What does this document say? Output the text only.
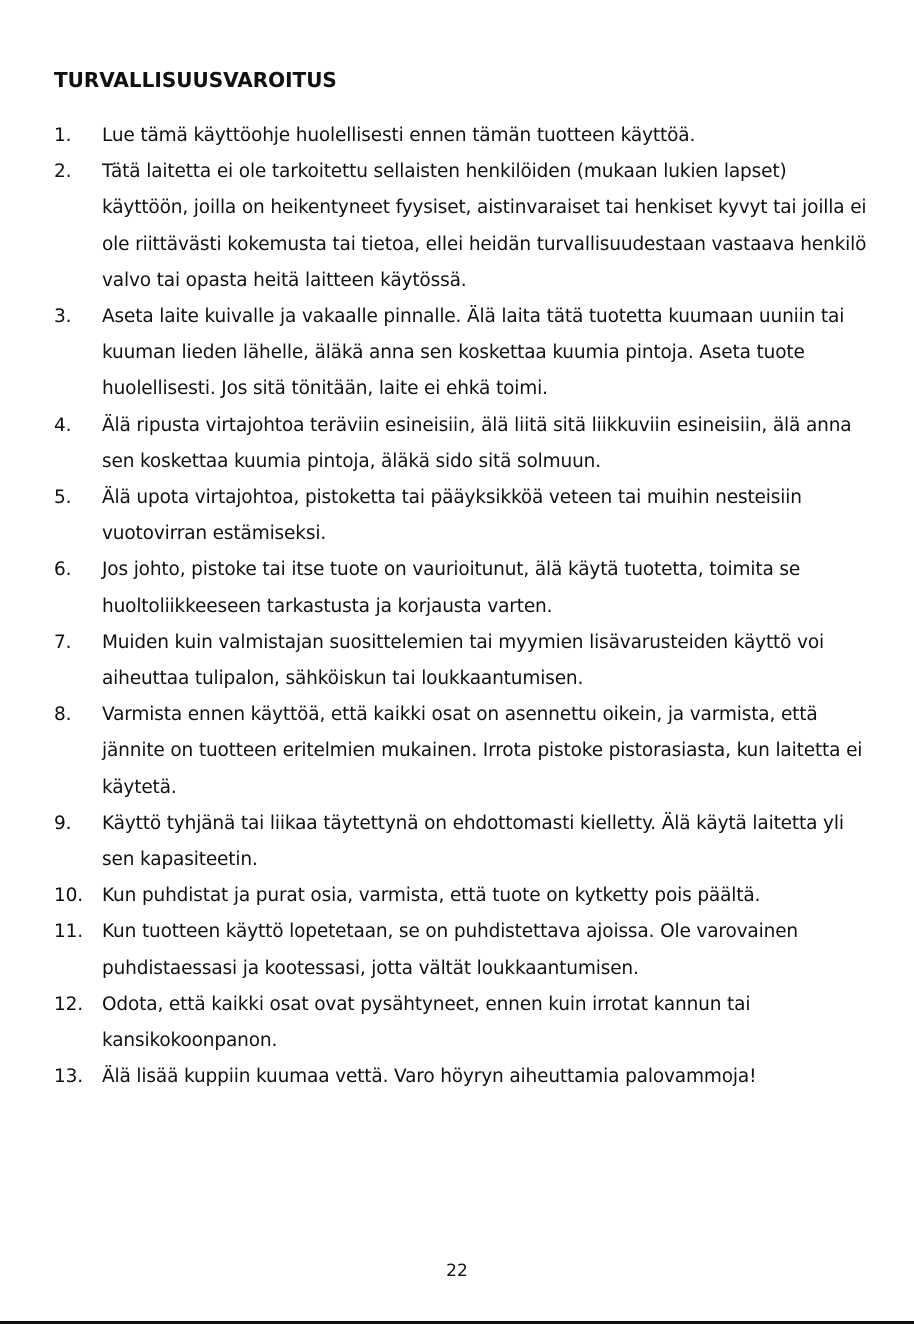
TURVALLISUUSVAROITUS
1.	Lue tämä käyttöohje huolellisesti ennen tämän tuotteen käyttöä.
2.	Tätä laitetta ei ole tarkoitettu sellaisten henkilöiden (mukaan lukien lapset) käyttöön, joilla on heikentyneet fyysiset, aistinvaraiset tai henkiset kyvyt tai joilla ei ole riittävästi kokemusta tai tietoa, ellei heidän turvallisuudestaan vastaava henkilö valvo tai opasta heitä laitteen käytössä.
3.	Aseta laite kuivalle ja vakaalle pinnalle. Älä laita tätä tuotetta kuumaan uuniin tai kuuman lieden lähelle, äläkä anna sen koskettaa kuumia pintoja. Aseta tuote huolellisesti. Jos sitä tönitään, laite ei ehkä toimi.
4.	Älä ripusta virtajohtoa teräviin esineisiin, älä liitä sitä liikkuviin esineisiin, älä anna sen koskettaa kuumia pintoja, äläkä sido sitä solmuun.
5.	Älä upota virtajohtoa, pistoketta tai pääyksikköä veteen tai muihin nesteisiin vuotovirran estämiseksi.
6.	Jos johto, pistoke tai itse tuote on vaurioitunut, älä käytä tuotetta, toimita se huoltoliikkeeseen tarkastusta ja korjausta varten.
7.	Muiden kuin valmistajan suosittelemien tai myymien lisävarusteiden käyttö voi aiheuttaa tulipalon, sähköiskun tai loukkaantumisen.
8.	Varmista ennen käyttöä, että kaikki osat on asennettu oikein, ja varmista, että jännite on tuotteen eritelmien mukainen. Irrota pistoke pistorasiasta, kun laitetta ei käytetä.
9.	Käyttö tyhjänä tai liikaa täytettynä on ehdottomasti kielletty. Älä käytä laitetta yli sen kapasiteetin.
10.	Kun puhdistat ja purat osia, varmista, että tuote on kytketty pois päältä.
11.	Kun tuotteen käyttö lopetetaan, se on puhdistettava ajoissa. Ole varovainen puhdistaessasi ja kootessasi, jotta vältät loukkaantumisen.
12.	Odota, että kaikki osat ovat pysähtyneet, ennen kuin irrotat kannun tai kansikokoonpanon.
13.	Älä lisää kuppiin kuumaa vettä. Varo höyryn aiheuttamia palovammoja!
22
